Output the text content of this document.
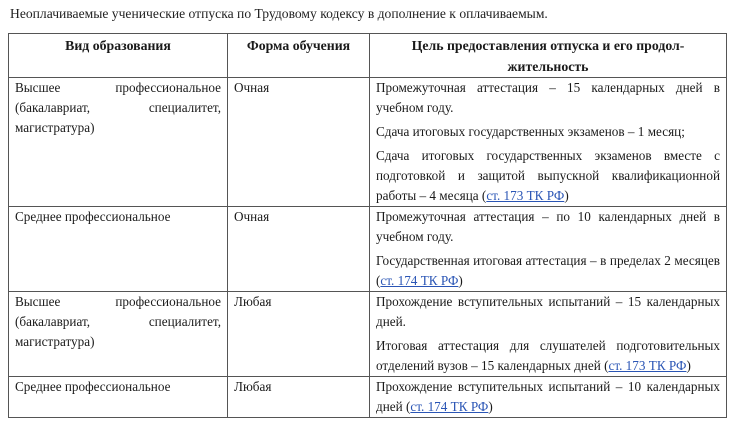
Неоплачиваемые ученические отпуска по Трудовому кодексу в дополнение к оплачиваемым.
Вид образования	Форма обучения	Цель предоставления отпуска и его продол-жительность
Высшее профессиональное (бакалавриат, специалитет, магистратура)	Очная	Промежуточная аттестация – 15 календарных дней в учебном году.

Сдача итоговых государственных экзаменов – 1 месяц;

Сдача итоговых государственных экзаменов вместе с подготовкой и защитой выпускной квалификационной работы – 4 месяца (ст. 173 ТК РФ)

Среднее профессиональное	Очная	Промежуточная аттестация – по 10 календарных дней в учебном году.

Государственная итоговая аттестация – в пределах 2 месяцев (ст. 174 ТК РФ)

Высшее профессиональное (бакалавриат, специалитет, магистратура)	Любая	Прохождение вступительных испытаний – 15 календарных дней.

Итоговая аттестация для слушателей подготовительных отделений вузов – 15 календарных дней (ст. 173 ТК РФ)

Среднее профессиональное	Любая	Прохождение вступительных испытаний – 10 календарных дней (ст. 174 ТК РФ)
